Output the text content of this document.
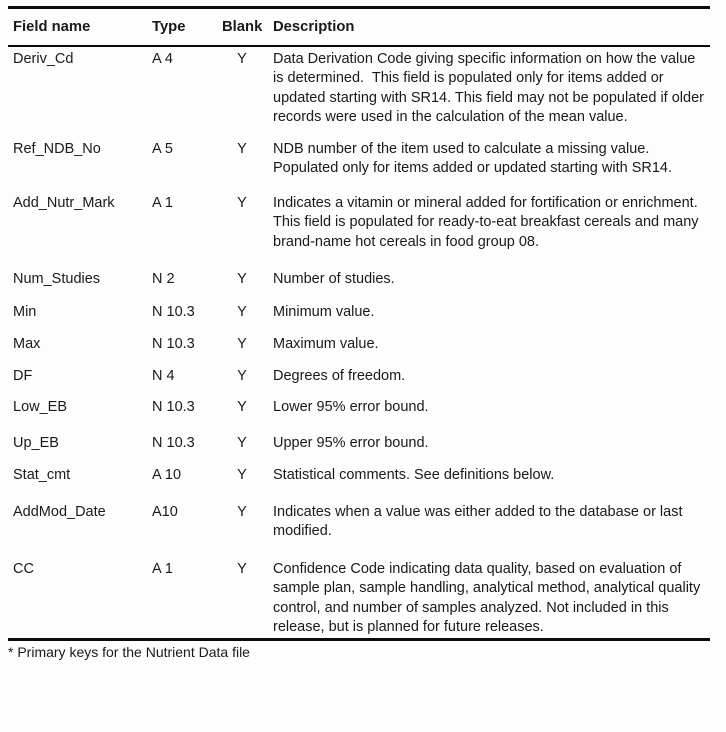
Field name	Type	Blank	Description
Deriv_Cd	A 4	Y	Data Derivation Code giving specific information on how the value is determined.  This field is populated only for items added or updated starting with SR14. This field may not be populated if older records were used in the calculation of the mean value.
Ref_NDB_No	A 5	Y	NDB number of the item used to calculate a missing value. Populated only for items added or updated starting with SR14.
Add_Nutr_Mark	A 1	Y	Indicates a vitamin or mineral added for fortification or enrichment. This field is populated for ready-to-eat breakfast cereals and many brand-name hot cereals in food group 08.
Num_Studies	N 2	Y	Number of studies.
Min	N 10.3	Y	Minimum value.
Max	N 10.3	Y	Maximum value.
DF	N 4	Y	Degrees of freedom.
Low_EB	N 10.3	Y	Lower 95% error bound.
Up_EB	N 10.3	Y	Upper 95% error bound.
Stat_cmt	A 10	Y	Statistical comments. See definitions below.
AddMod_Date	A10	Y	Indicates when a value was either added to the database or last modified.
CC	A 1	Y	Confidence Code indicating data quality, based on evaluation of sample plan, sample handling, analytical method, analytical quality control, and number of samples analyzed. Not included in this release, but is planned for future releases.
* Primary keys for the Nutrient Data file
